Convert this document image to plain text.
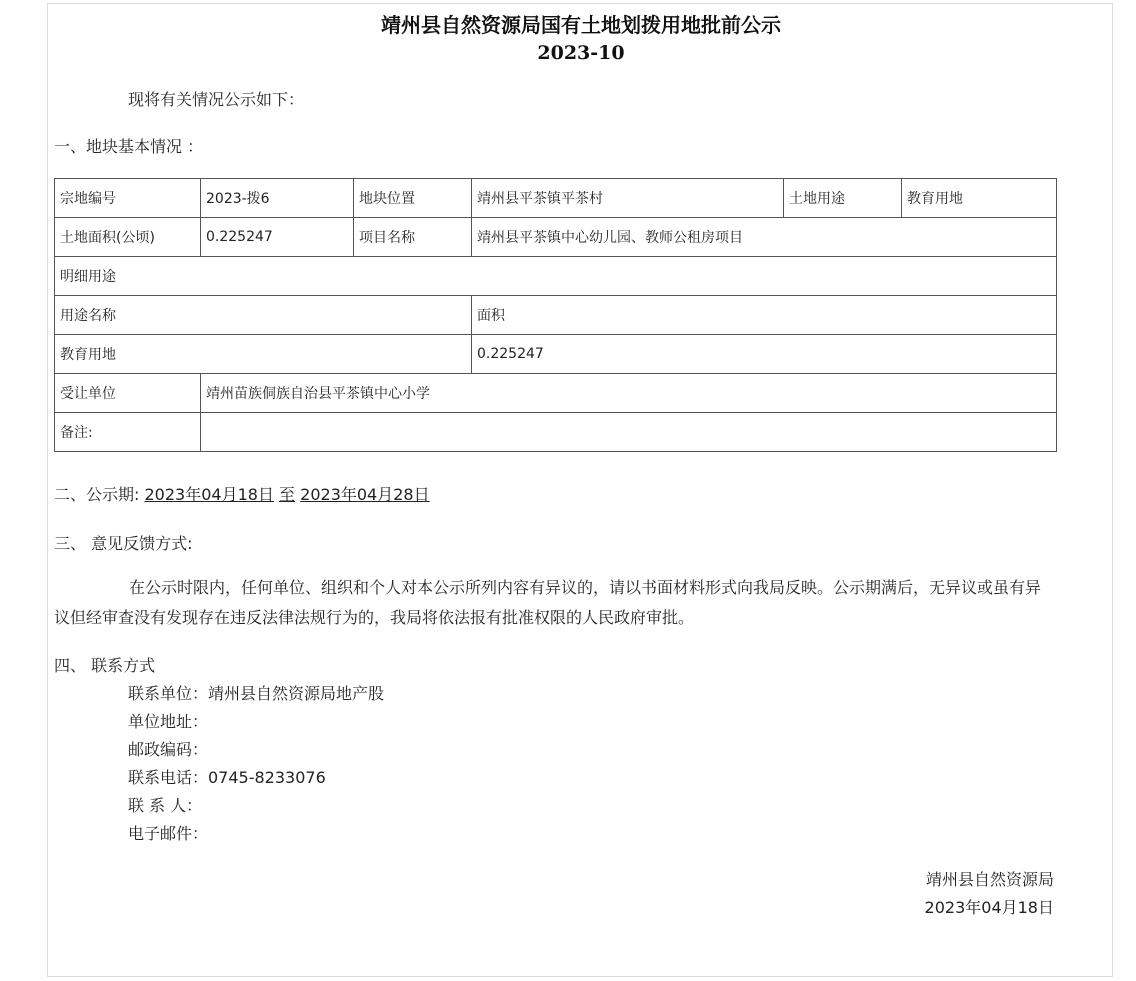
靖州县自然资源局国有土地划拨用地批前公示
2023-10
现将有关情况公示如下：
一、地块基本情况 ：
宗地编号	2023-拨6	地块位置	靖州县平茶镇平茶村	土地用途	教育用地
土地面积(公顷)	0.225247	项目名称	靖州县平茶镇中心幼儿园、教师公租房项目		
明细用途					
用途名称			面积		
教育用地			0.225247		
受让单位	靖州苗族侗族自治县平茶镇中心小学				
备注:					
二、公示期: 2023年04月18日 至 2023年04月28日
三、 意见反馈方式:
在公示时限内，任何单位、组织和个人对本公示所列内容有异议的，请以书面材料形式向我局反映。公示期满后，无异议或虽有异议但经审查没有发现存在违反法律法规行为的，我局将依法报有批准权限的人民政府审批。
四、 联系方式
联系单位：靖州县自然资源局地产股
单位地址：
邮政编码：
联系电话：0745-8233076
联 系 人：
电子邮件：
靖州县自然资源局
2023年04月18日
